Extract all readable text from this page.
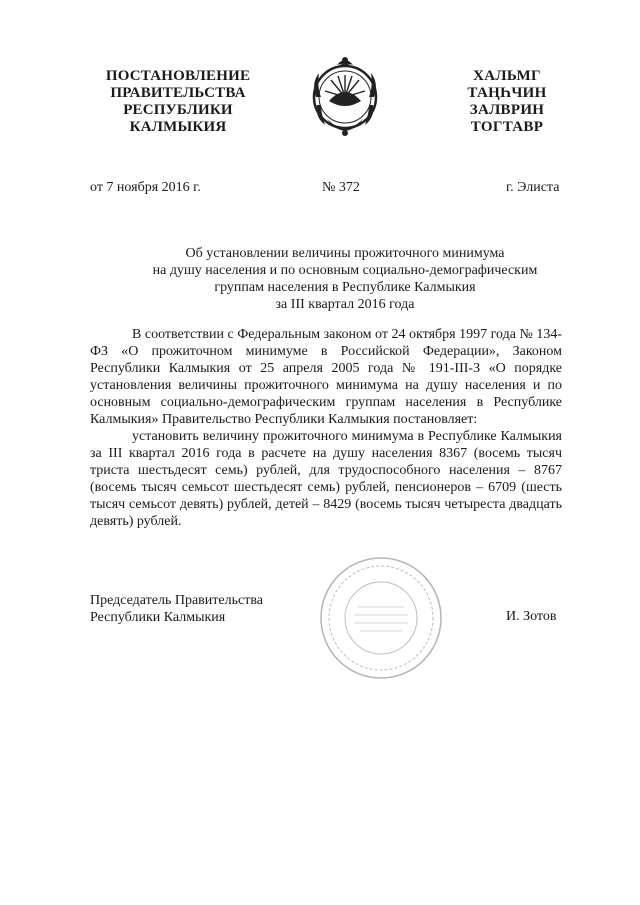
ПОСТАНОВЛЕНИЕ
ПРАВИТЕЛЬСТВА
РЕСПУБЛИКИ
КАЛМЫКИЯ
ХАЛЬМГ
ТАҢҺЧИН
ЗАЛВРИН
ТОГТАВР
от 7 ноября 2016 г.	№ 372	г. Элиста
Об установлении величины прожиточного минимума
на душу населения и по основным социально-демографическим
группам населения в Республике Калмыкия
за III квартал 2016 года

В соответствии с Федеральным законом от 24 октября 1997 года № 134-ФЗ «О прожиточном минимуме в Российской Федерации», Законом Республики Калмыкия от 25 апреля 2005 года № 191-III-З «О порядке установления величины прожиточного минимума на душу населения и по основным социально-демографическим группам населения в Республике Калмыкия» Правительство Республики Калмыкия постановляет:

установить величину прожиточного минимума в Республике Калмыкия за III квартал 2016 года в расчете на душу населения 8367 (восемь тысяч триста шестьдесят семь) рублей, для трудоспособного населения – 8767 (восемь тысяч семьсот шестьдесят семь) рублей, пенсионеров – 6709 (шесть тысяч семьсот девять) рублей, детей – 8429 (восемь тысяч четыреста двадцать девять) рублей.

Председатель Правительства
Республики Калмыкия	И. Зотов
